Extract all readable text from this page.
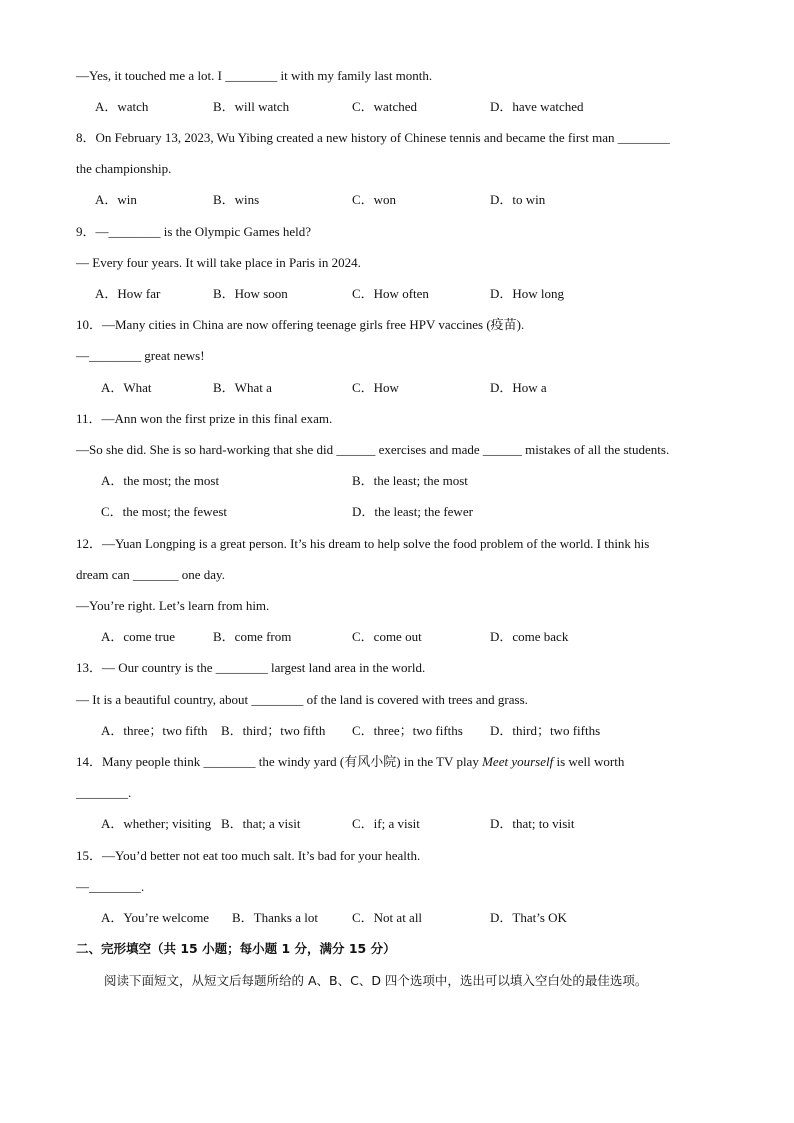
—Yes, it touched me a lot. I ________ it with my family last month.
A．watch	B．will watch	C．watched	D．have watched
8．On February 13, 2023, Wu Yibing created a new history of Chinese tennis and became the first man ________
the championship.
A．win	B．wins	C．won	D．to win
9．—________ is the Olympic Games held?
— Every four years. It will take place in Paris in 2024.
A．How far	B．How soon	C．How often	D．How long
10．—Many cities in China are now offering teenage girls free HPV vaccines (疫苗).
—________ great news!
A．What	B．What a	C．How	D．How a
11．—Ann won the first prize in this final exam.
—So she did. She is so hard-working that she did ______ exercises and made ______ mistakes of all the students.
A．the most; the most	B．the least; the most
C．the most; the fewest	D．the least; the fewer
12．—Yuan Longping is a great person. It’s his dream to help solve the food problem of the world. I think his
dream can _______ one day.
—You’re right. Let’s learn from him.
A．come true	B．come from	C．come out	D．come back
13．— Our country is the ________ largest land area in the world.
— It is a beautiful country, about ________ of the land is covered with trees and grass.
A．three；two fifth B．third；two fifth C．three；two fifths D．third；two fifths
14．Many people think ________ the windy yard (有风小院) in the TV play Meet yourself is well worth
________.
A．whether; visiting B．that; a visit	C．if; a visit	D．that; to visit
15．—You’d better not eat too much salt. It’s bad for your health.
—________.
A．You’re welcome B．Thanks a lot	C．Not at all	D．That’s OK
二、完形填空（共 15 小题；每小题 1 分，满分 15 分）
阅读下面短文，从短文后每题所给的 A、B、C、D 四个选项中，选出可以填入空白处的最佳选项。
